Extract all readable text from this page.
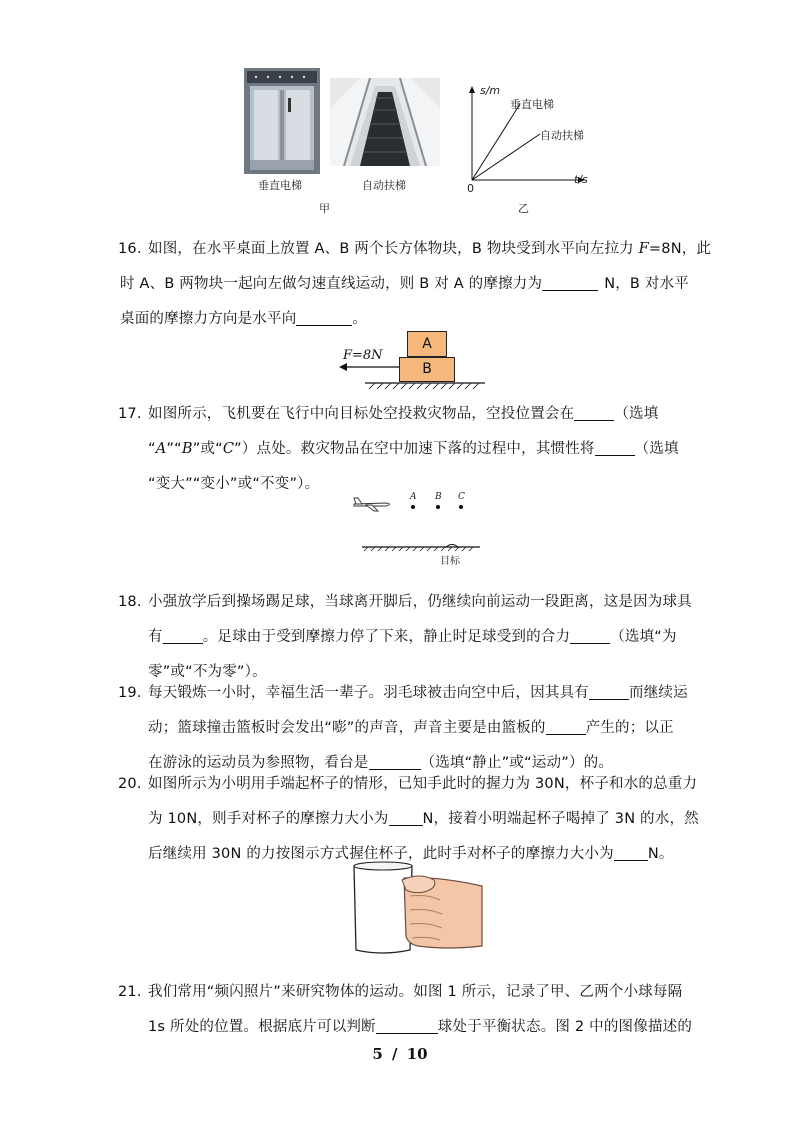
垂直电梯	自动扶梯
甲
s/m
垂直电梯
自动扶梯
t/s
0
乙
16. 如图，在水平桌面上放置 A、B 两个长方体物块，B 物块受到水平向左拉力 F=8N，此
时 A、B 两物块一起向左做匀速直线运动，则 B 对 A 的摩擦力为	N，B 对水平
桌面的摩擦力方向是水平向	。
A
B
F=8N
17. 如图所示，飞机要在飞行中向目标处空投救灾物品，空投位置会在	（选填
“A”“B”或“C”）点处。救灾物品在空中加速下落的过程中，其惯性将	（选填
“变大”“变小”或“不变”）。
A B C
目标
18. 小强放学后到操场踢足球，当球离开脚后，仍继续向前运动一段距离，这是因为球具
有	。足球由于受到摩擦力停了下来，静止时足球受到的合力	（选填“为
零”或“不为零”）。
19. 每天锻炼一小时，幸福生活一辈子。羽毛球被击向空中后，因其具有	而继续运
动；篮球撞击篮板时会发出“嘭”的声音，声音主要是由篮板的	产生的；以正
在游泳的运动员为参照物，看台是	（选填“静止”或“运动”）的。
20. 如图所示为小明用手端起杯子的情形，已知手此时的握力为 30N，杯子和水的总重力
为 10N，则手对杯子的摩擦力大小为 N，接着小明端起杯子喝掉了 3N 的水，然
后继续用 30N 的力按图示方式握住杯子，此时手对杯子的摩擦力大小为 N。
21. 我们常用“频闪照片”来研究物体的运动。如图 1 所示，记录了甲、乙两个小球每隔
1s 所处的位置。根据底片可以判断	球处于平衡状态。图 2 中的图像描述的
5 / 10
